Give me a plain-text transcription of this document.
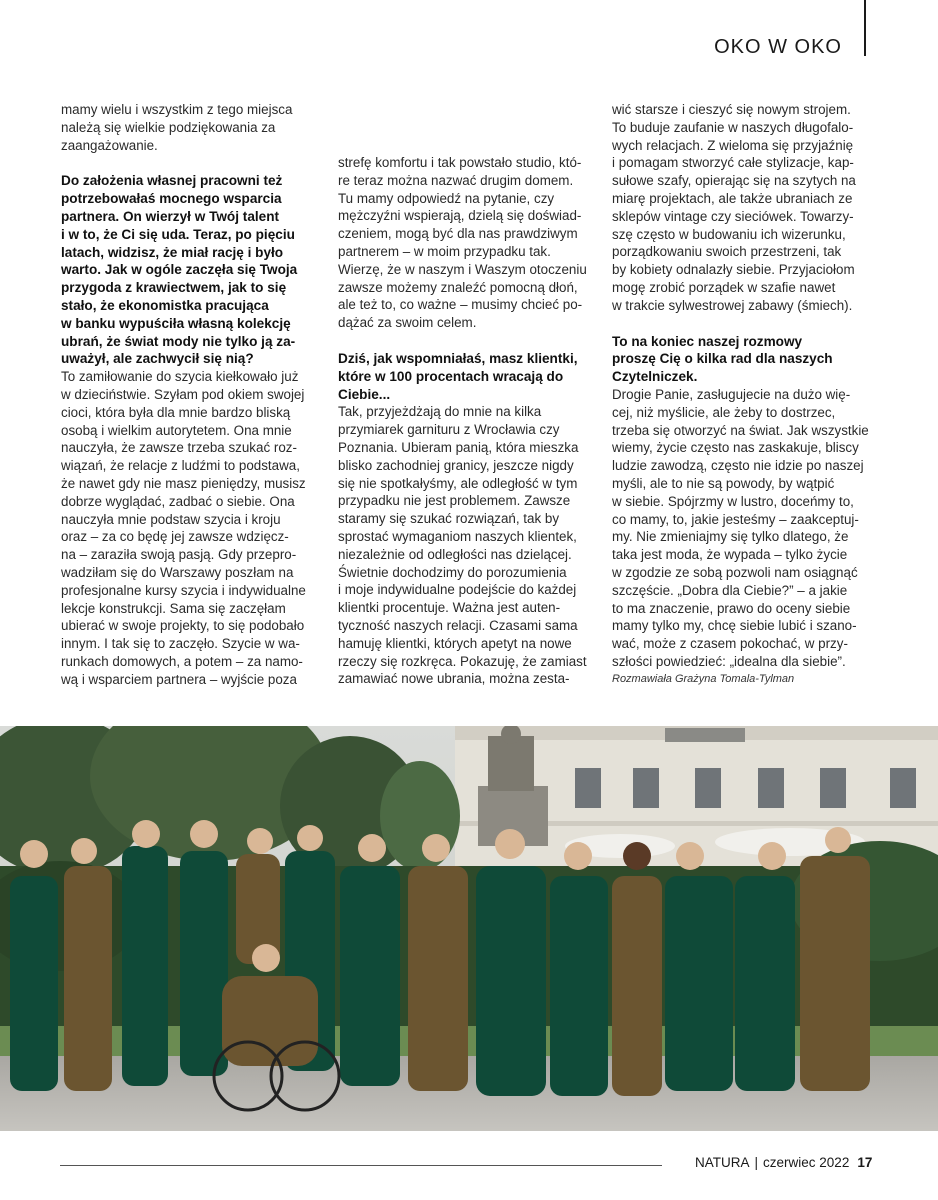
OKO W OKO

mamy wielu i wszystkim z tego miejsca

należą się wielkie podziękowania za

zaangażowanie.

Do założenia własnej pracowni też

potrzebowałaś mocnego wsparcia

partnera. On wierzył w Twój talent

i w to, że Ci się uda. Teraz, po pięciu

latach, widzisz, że miał rację i było

warto. Jak w ogóle zaczęła się Twoja

przygoda z krawiectwem, jak to się

stało, że ekonomistka pracująca

w banku wypuściła własną kolekcję

ubrań, że świat mody nie tylko ją za-

uważył, ale zachwycił się nią?

To zamiłowanie do szycia kiełkowało już

w dzieciństwie. Szyłam pod okiem swojej

cioci, która była dla mnie bardzo bliską

osobą i wielkim autorytetem. Ona mnie

nauczyła, że zawsze trzeba szukać roz-

wiązań, że relacje z ludźmi to podstawa,

że nawet gdy nie masz pieniędzy, musisz

dobrze wyglądać, zadbać o siebie. Ona

nauczyła mnie podstaw szycia i kroju

oraz – za co będę jej zawsze wdzięcz-

na – zaraziła swoją pasją. Gdy przepro-

wadziłam się do Warszawy poszłam na

profesjonalne kursy szycia i indywidualne

lekcje konstrukcji. Sama się zaczęłam

ubierać w swoje projekty, to się podobało

innym. I tak się to zaczęło. Szycie w wa-

runkach domowych, a potem – za namo-

wą i wsparciem partnera – wyjście poza

strefę komfortu i tak powstało studio, któ-

re teraz można nazwać drugim domem.

Tu mamy odpowiedź na pytanie, czy

mężczyźni wspierają, dzielą się doświad-

czeniem, mogą być dla nas prawdziwym

partnerem – w moim przypadku tak.

Wierzę, że w naszym i Waszym otoczeniu

zawsze możemy znaleźć pomocną dłoń,

ale też to, co ważne – musimy chcieć po-

dążać za swoim celem.

Dziś, jak wspomniałaś, masz klientki,

które w 100 procentach wracają do

Ciebie...

Tak, przyjeżdżają do mnie na kilka

przymiarek garnituru z Wrocławia czy

Poznania. Ubieram panią, która mieszka

blisko zachodniej granicy, jeszcze nigdy

się nie spotkałyśmy, ale odległość w tym

przypadku nie jest problemem. Zawsze

staramy się szukać rozwiązań, tak by

sprostać wymaganiom naszych klientek,

niezależnie od odległości nas dzielącej.

Świetnie dochodzimy do porozumienia

i moje indywidualne podejście do każdej

klientki procentuje. Ważna jest auten-

tyczność naszych relacji. Czasami sama

hamuję klientki, których apetyt na nowe

rzeczy się rozkręca. Pokazuję, że zamiast

zamawiać nowe ubrania, można zesta-

wić starsze i cieszyć się nowym strojem.

To buduje zaufanie w naszych długofalo-

wych relacjach. Z wieloma się przyjaźnię

i pomagam stworzyć całe stylizacje, kap-

sułowe szafy, opierając się na szytych na

miarę projektach, ale także ubraniach ze

sklepów vintage czy sieciówek. Towarzy-

szę często w budowaniu ich wizerunku,

porządkowaniu swoich przestrzeni, tak

by kobiety odnalazły siebie. Przyjaciołom

mogę zrobić porządek w szafie nawet

w trakcie sylwestrowej zabawy (śmiech).

To na koniec naszej rozmowy

proszę Cię o kilka rad dla naszych

Czytelniczek.

Drogie Panie, zasługujecie na dużo wię-

cej, niż myślicie, ale żeby to dostrzec,

trzeba się otworzyć na świat. Jak wszystkie

wiemy, życie często nas zaskakuje, bliscy

ludzie zawodzą, często nie idzie po naszej

myśli, ale to nie są powody, by wątpić

w siebie. Spójrzmy w lustro, doceńmy to,

co mamy, to, jakie jesteśmy – zaakceptuj-

my. Nie zmieniajmy się tylko dlatego, że

taka jest moda, że wypada – tylko życie

w zgodzie ze sobą pozwoli nam osiągnąć

szczęście. „Dobra dla Ciebie?” – a jakie

to ma znaczenie, prawo do oceny siebie

mamy tylko my, chcę siebie lubić i szano-

wać, może z czasem pokochać, w przy-

szłości powiedzieć: „idealna dla siebie”.

Rozmawiała Grażyna Tomala-Tylman

NATURA | czerwiec 2022 17
